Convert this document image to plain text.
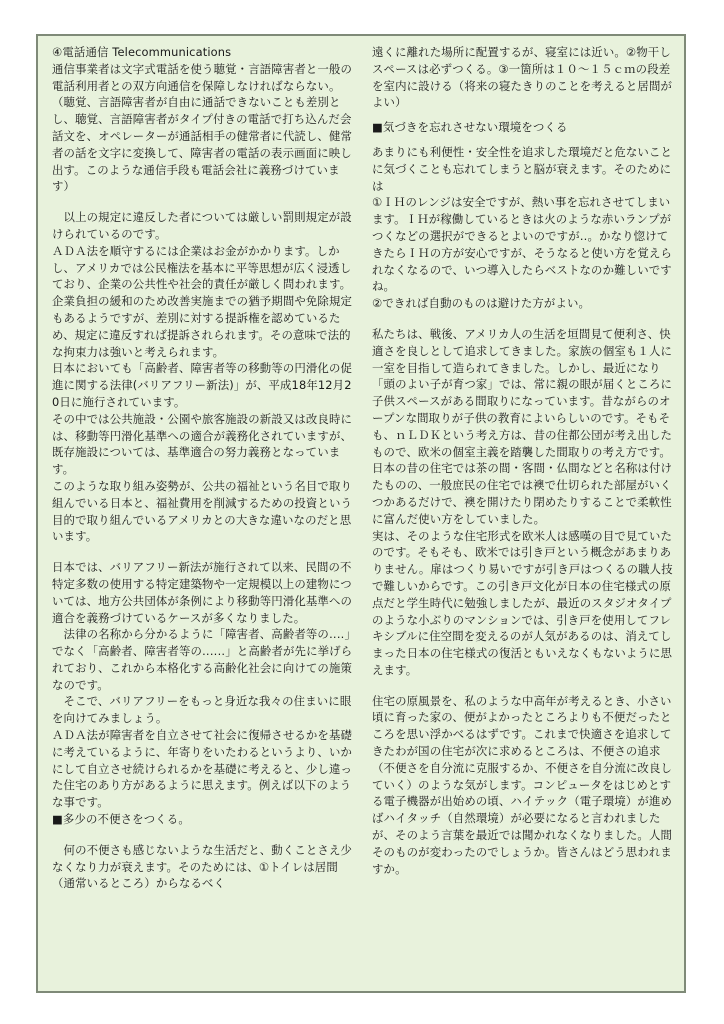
④電話通信 Telecommunications

通信事業者は文字式電話を使う聴覚・言語障害者と一般の電話利用者との双方向通信を保障しなければならない。

（聴覚、言語障害者が自由に通話できないことも差別とし、聴覚、言語障害者がタイプ付きの電話で打ち込んだ会話文を、オペレーターが通話相手の健常者に代読し、健常者の話を文字に変換して、障害者の電話の表示画面に映し出す。このような通信手段も電話会社に義務づけています）

　以上の規定に違反した者については厳しい罰則規定が設けられているのです。

ＡＤＡ法を順守するには企業はお金がかかります。しかし、アメリカでは公民権法を基本に平等思想が広く浸透しており、企業の公共性や社会的責任が厳しく問われます。企業負担の緩和のため改善実施までの猶予期間や免除規定もあるようですが、差別に対する提訴権を認めているため、規定に違反すれば提訴されられます。その意味で法的な拘束力は強いと考えられます。

日本においても「高齢者、障害者等の移動等の円滑化の促進に関する法律(バリアフリー新法)」が、平成18年12月20日に施行されています。

その中では公共施設・公園や旅客施設の新設又は改良時には、移動等円滑化基準への適合が義務化されていますが、既存施設については、基準適合の努力義務となっています。

このような取り組み姿勢が、公共の福祉という名目で取り組んでいる日本と、福祉費用を削減するための投資という目的で取り組んでいるアメリカとの大きな違いなのだと思います。

日本では、バリアフリー新法が施行されて以来、民間の不特定多数の使用する特定建築物や一定規模以上の建物については、地方公共団体が条例により移動等円滑化基準への適合を義務づけているケースが多くなりました。

　法律の名称から分かるように「障害者、高齢者等の‥‥」でなく「高齢者、障害者等の‥‥‥」と高齢者が先に挙げられており、これから本格化する高齢化社会に向けての施策なのです。

　そこで、バリアフリーをもっと身近な我々の住まいに眼を向けてみましょう。

ＡＤＡ法が障害者を自立させて社会に復帰させるかを基礎に考えているように、年寄りをいたわるというより、いかにして自立させ続けられるかを基礎に考えると、少し違った住宅のあり方があるように思えます。例えば以下のような事です。

■多少の不便さをつくる。

　何の不便さも感じないような生活だと、動くことさえ少なくなり力が衰えます。そのためには、①トイレは居間（通常いるところ）からなるべく

遠くに離れた場所に配置するが、寝室には近い。②物干しスペースは必ずつくる。③一箇所は１０～１５ｃｍの段差を室内に設ける（将来の寝たきりのことを考えると居間がよい）

■気づきを忘れさせない環境をつくる

あまりにも利便性・安全性を追求した環境だと危ないことに気づくことも忘れてしまうと脳が衰えます。そのためには
①ＩＨのレンジは安全ですが、熱い事を忘れさせてしまいます。ＩＨが稼働しているときは火のような赤いランプがつくなどの選択ができるとよいのですが‥。かなり惚けてきたらＩＨの方が安心ですが、そうなると使い方を覚えられなくなるので、いつ導入したらベストなのか難しいですね。
②できれば自動のものは避けた方がよい。

私たちは、戦後、アメリカ人の生活を垣間見て便利さ、快適さを良しとして追求してきました。家族の個室も１人に一室を目指して造られてきました。しかし、最近になり「頭のよい子が育つ家」では、常に親の眼が届くところに子供スペースがある間取りになっています。昔ながらのオープンな間取りが子供の教育によいらしいのです。そもそも、ｎＬＤＫという考え方は、昔の住都公団が考え出したもので、欧米の個室主義を踏襲した間取りの考え方です。日本の昔の住宅では茶の間・客間・仏間などと名称は付けたものの、一般庶民の住宅では襖で仕切られた部屋がいくつかあるだけで、襖を開けたり閉めたりすることで柔軟性に富んだ使い方をしていました。

実は、そのような住宅形式を欧米人は感嘆の目で見ていたのです。そもそも、欧米では引き戸という概念があまりありません。扉はつくり易いですが引き戸はつくるの職人技で難しいからです。この引き戸文化が日本の住宅様式の原点だと学生時代に勉強しましたが、最近のスタジオタイプのような小ぶりのマンションでは、引き戸を使用してフレキシブルに住空間を変えるのが人気があるのは、消えてしまった日本の住宅様式の復活ともいえなくもないように思えます。

住宅の原風景を、私のような中高年が考えるとき、小さい頃に育った家の、便がよかったところよりも不便だったところを思い浮かべるはずです。これまで快適さを追求してきたわが国の住宅が次に求めるところは、不便さの追求（不便さを自分流に克服するか、不便さを自分流に改良していく）のような気がします。コンピュータをはじめとする電子機器が出始めの頃、ハイテック（電子環境）が進めばハイタッチ（自然環境）が必要になると言われましたが、そのよう言葉を最近では聞かれなくなりました。人間そのものが変わったのでしょうか。皆さんはどう思われますか。
